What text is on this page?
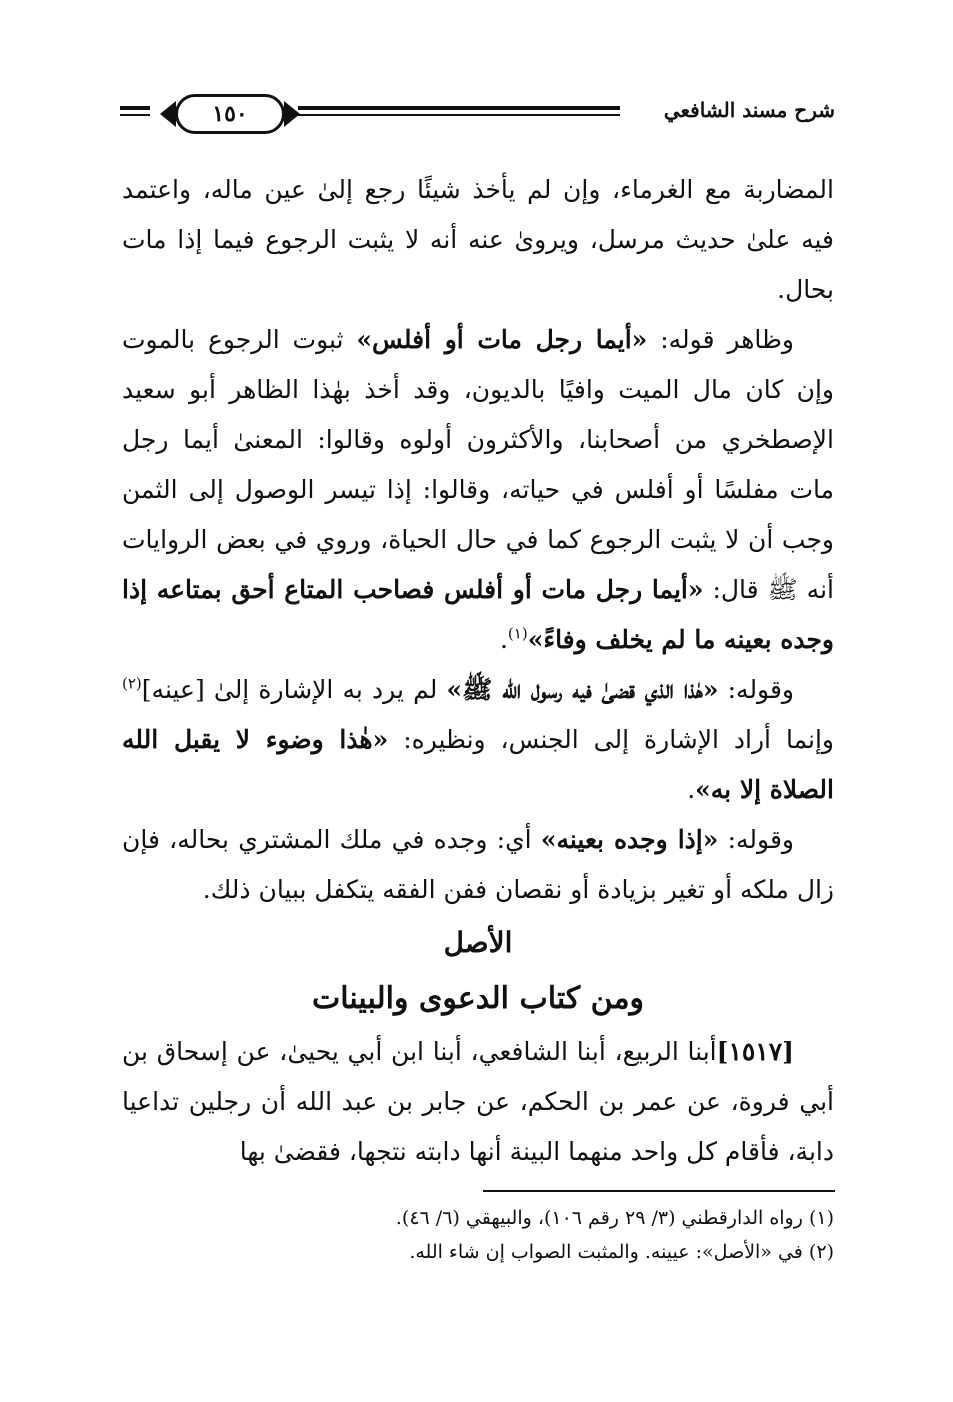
شرح مسند الشافعي
١٥٠

المضاربة مع الغرماء، وإن لم يأخذ شيئًا رجع إلىٰ عين ماله، واعتمد فيه علىٰ حديث مرسل، ويروىٰ عنه أنه لا يثبت الرجوع فيما إذا مات بحال.

وظاهر قوله: «أيما رجل مات أو أفلس» ثبوت الرجوع بالموت وإن كان مال الميت وافيًا بالديون، وقد أخذ بهٰذا الظاهر أبو سعيد الإصطخري من أصحابنا، والأكثرون أولوه وقالوا: المعنىٰ أيما رجل مات مفلسًا أو أفلس في حياته، وقالوا: إذا تيسر الوصول إلى الثمن وجب أن لا يثبت الرجوع كما في حال الحياة، وروي في بعض الروايات أنه ﷺ قال: «أيما رجل مات أو أفلس فصاحب المتاع أحق بمتاعه إذا وجده بعينه ما لم يخلف وفاءً»$^{(١)}$.

وقوله: «هٰذا الذي قضىٰ فيه رسول الله ﷺ» لم يرد به الإشارة إلىٰ [عينه]$^{(٢)}$ وإنما أراد الإشارة إلى الجنس، ونظيره: «هٰذا وضوء لا يقبل الله الصلاة إلا به».

وقوله: «إذا وجده بعينه» أي: وجده في ملك المشتري بحاله، فإن زال ملكه أو تغير بزيادة أو نقصان ففن الفقه يتكفل ببيان ذلك.

الأصل
ومن كتاب الدعوى والبينات

[١٥١٧]أبنا الربيع، أبنا الشافعي، أبنا ابن أبي يحيىٰ، عن إسحاق بن أبي فروة، عن عمر بن الحكم، عن جابر بن عبد الله أن رجلين تداعيا دابة، فأقام كل واحد منهما البينة أنها دابته نتجها، فقضىٰ بها

(١) رواه الدارقطني (٣/ ٢٩ رقم ١٠٦)، والبيهقي (٦/ ٤٦).
(٢) في «الأصل»: عيينه. والمثبت الصواب إن شاء الله.
